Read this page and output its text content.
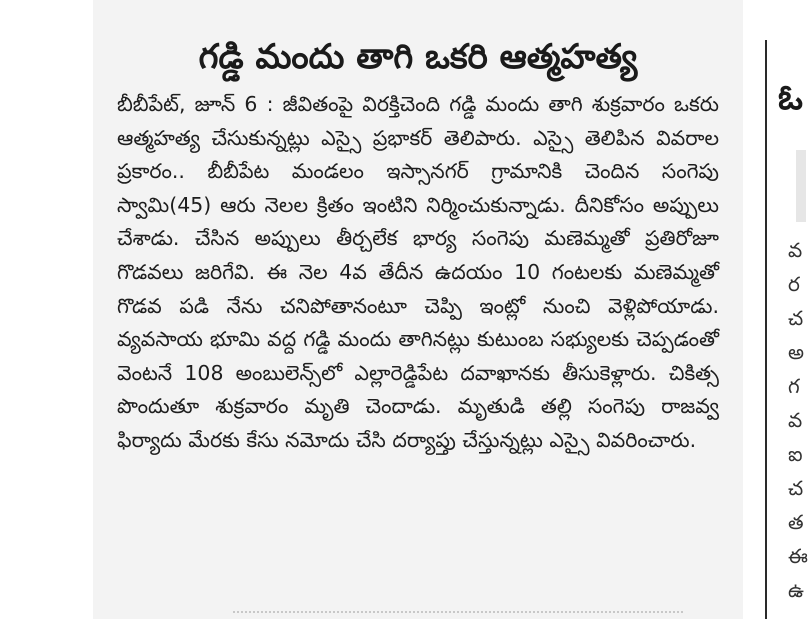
గడ్డి మందు తాగి ఒకరి ఆత్మహత్య

బీబీపేట్, జూన్ 6 : జీవితంపై విరక్తిచెంది గడ్డి మందు తాగి శుక్రవారం ఒకరు ఆత్మహత్య చేసుకున్నట్లు ఎస్సై ప్రభాకర్ తెలిపారు. ఎస్సై తెలిపిన వివరాల ప్రకారం.. బీబీపేట మండలం ఇస్సానగర్ గ్రామానికి చెందిన సంగెపు స్వామి(45) ఆరు నెలల క్రితం ఇంటిని నిర్మించుకున్నాడు. దీనికోసం అప్పులు చేశాడు. చేసిన అప్పులు తీర్చలేక భార్య సంగెపు మణెమ్మతో ప్రతిరోజూ గొడవలు జరిగేవి. ఈ నెల 4వ తేదీన ఉదయం 10 గంటలకు మణెమ్మతో గొడవ పడి నేను చనిపోతానంటూ చెప్పి ఇంట్లో నుంచి వెళ్లిపోయాడు. వ్యవసాయ భూమి వద్ద గడ్డి మందు తాగినట్లు కుటుంబ సభ్యులకు చెప్పడంతో వెంటనే 108 అంబులెన్స్‌లో ఎల్లారెడ్డిపేట దవాఖానకు తీసుకెళ్లారు. చికిత్స పొందుతూ శుక్రవారం మృతి చెందాడు. మృతుడి తల్లి సంగెపు రాజవ్వ ఫిర్యాదు మేరకు కేసు నమోదు చేసి దర్యాప్తు చేస్తున్నట్లు ఎస్సై వివరించారు.

ఓ
వ
ర
చ
అ
గ
వ
ఐ
చ
త
ఈ
ఉ
